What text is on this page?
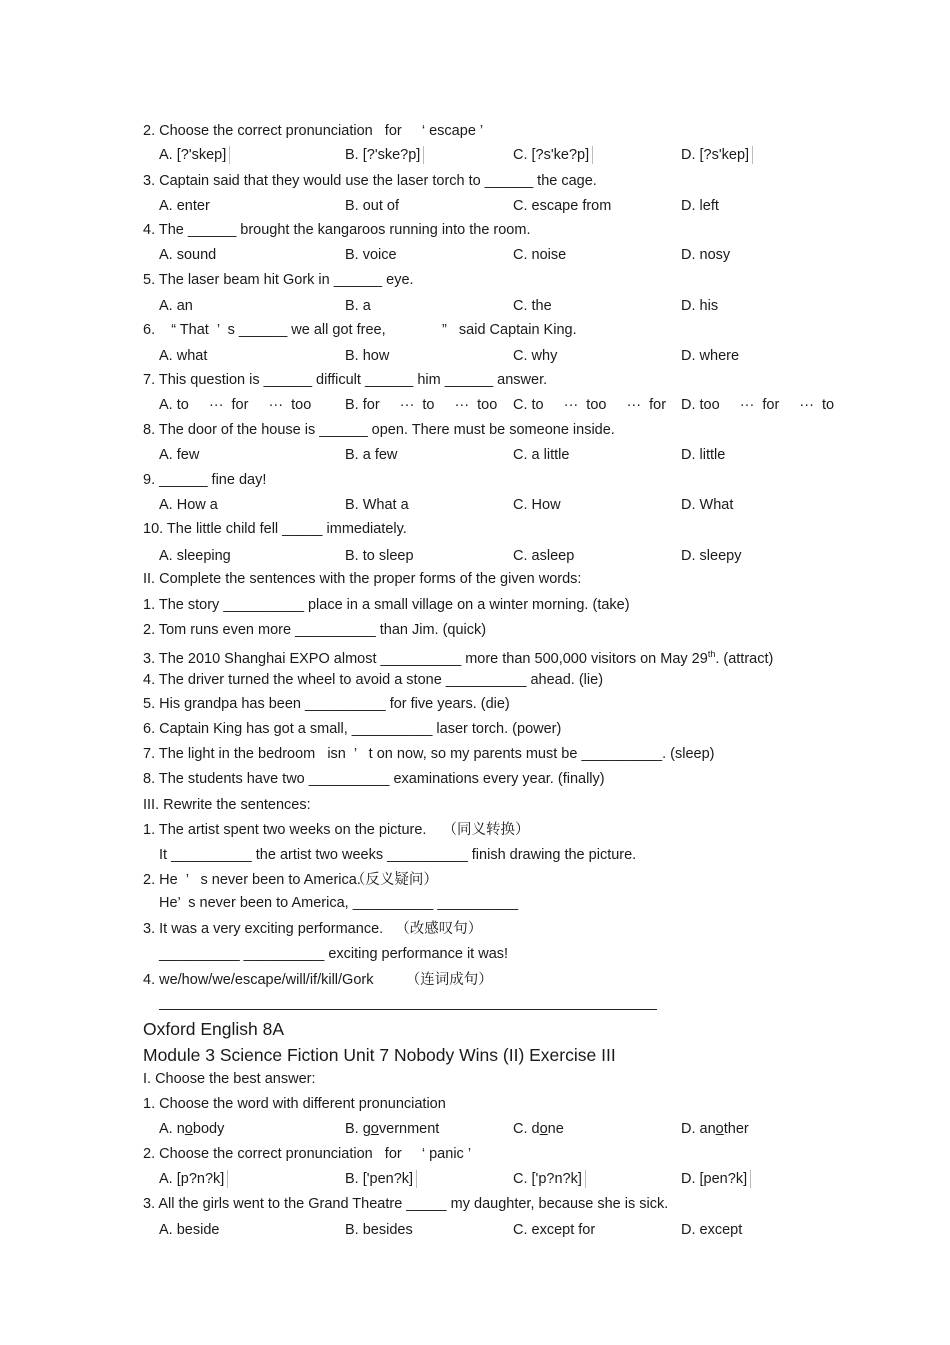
2. Choose the correct pronunciation   for     ‘ escape ’
A. [?'skep]	B. [?'ske?p]	C. [?s'ke?p]	D. [?s'kep]
3. Captain said that they would use the laser torch to ______ the cage.
A. enter	B. out of	C. escape from	D. left
4. The ______ brought the kangaroos running into the room.
A. sound	B. voice	C. noise	D. nosy
5. The laser beam hit Gork in ______ eye.
A. an	B. a	C. the	D. his
6.    “ That  ’  s ______ we all got free,              ”   said Captain King.
A. what	B. how	C. why	D. where
7. This question is ______ difficult ______ him ______ answer.
A. to     ···  for     ···  too B. for     ···  to     ···  too C. to     ···  too     ···  for D. too     ···  for     ···  to
8. The door of the house is ______ open. There must be someone inside.
A. few	B. a few	C. a little	D. little
9. ______ fine day!
A. How a	B. What a	C. How	D. What
10. The little child fell _____ immediately.
A. sleeping	B. to sleep	C. asleep	D. sleepy
II. Complete the sentences with the proper forms of the given words:
1. The story __________ place in a small village on a winter morning. (take)
2. Tom runs even more __________ than Jim. (quick)
3. The 2010 Shanghai EXPO almost __________ more than 500,000 visitors on May 29th. (attract)
4. The driver turned the wheel to avoid a stone __________ ahead. (lie)
5. His grandpa has been __________ for five years. (die)
6. Captain King has got a small, __________ laser torch. (power)
7. The light in the bedroom   isn  ’   t on now, so my parents must be __________. (sleep)
8. The students have two __________ examinations every year. (finally)
III. Rewrite the sentences:
1. The artist spent two weeks on the picture.    （同义转换）
It __________ the artist two weeks __________ finish drawing the picture.
2. He  ’   s never been to America.（反义疑问）
He’  s never been to America, __________ __________
3. It was a very exciting performance.   （改感叹句）
__________ __________ exciting performance it was!
4. we/how/we/escape/will/if/kill/Gork        （连词成句）
Oxford English 8A
Module 3 Science Fiction Unit 7 Nobody Wins (II) Exercise III
I. Choose the best answer:
1. Choose the word with different pronunciation
A. nobody	B. government	C. done	D. another
2. Choose the correct pronunciation   for     ‘ panic ’
A. [p?n?k]	B. ['pen?k]	C. ['p?n?k]	D. [pen?k]
3. All the girls went to the Grand Theatre _____ my daughter, because she is sick.
A. beside	B. besides	C. except for	D. except
